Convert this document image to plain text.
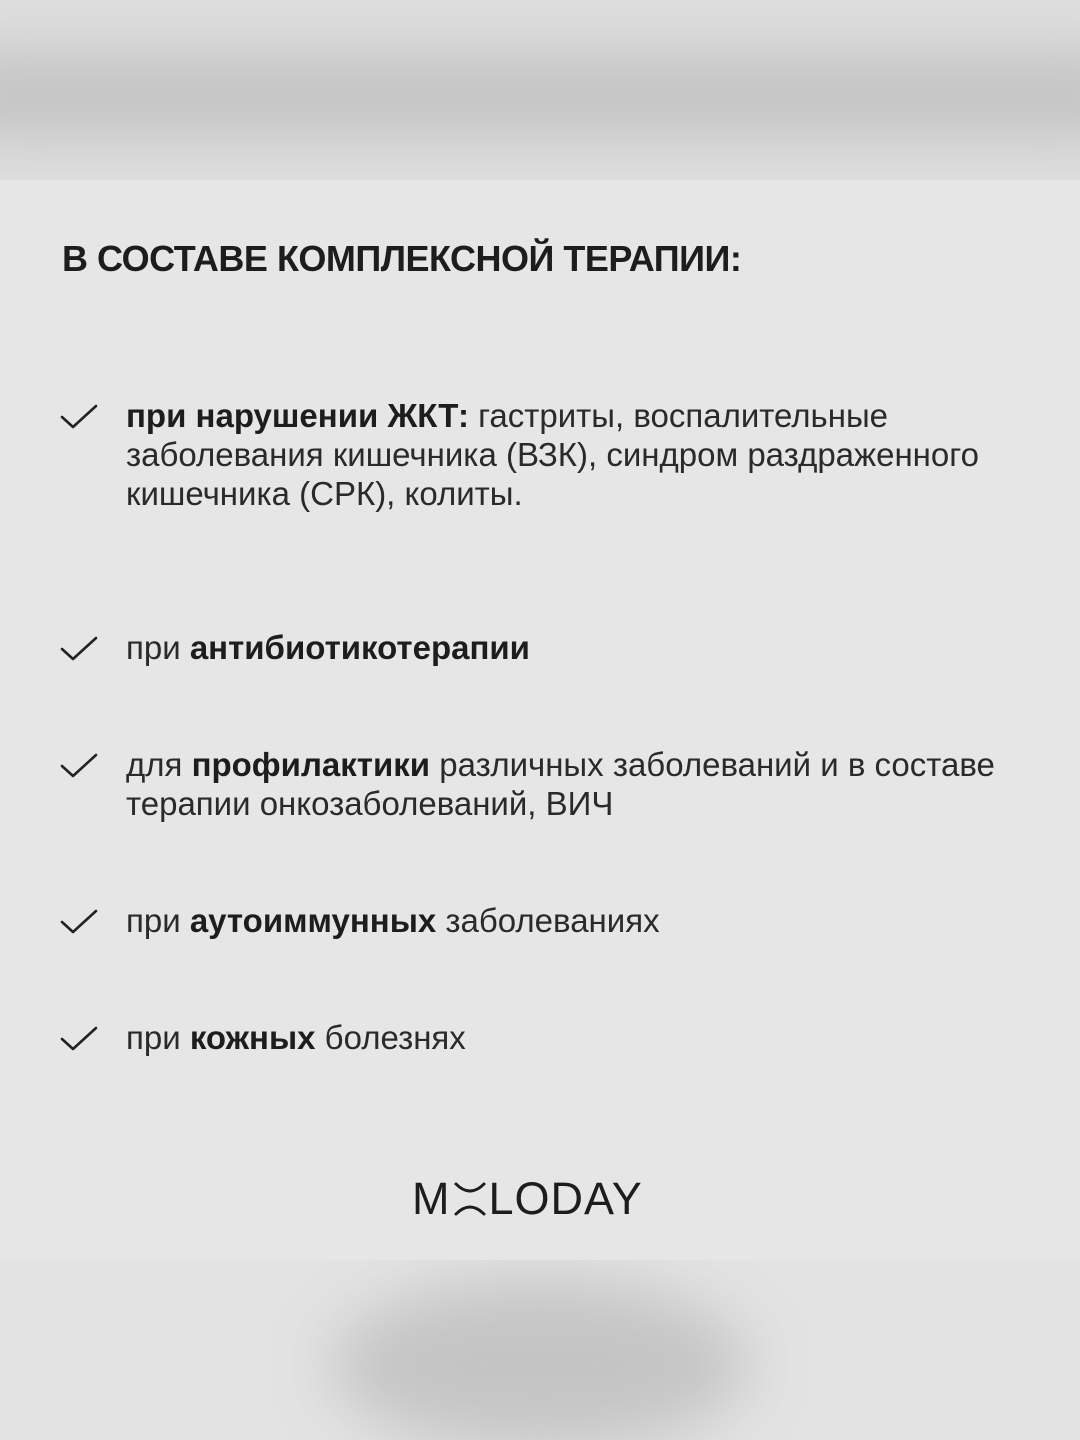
В СОСТАВЕ КОМПЛЕКСНОЙ ТЕРАПИИ:

при нарушении ЖКТ: гастриты, воспалительные заболевания кишечника (ВЗК), синдром раздраженного кишечника (СРК), колиты.

при антибиотикотерапии

для профилактики различных заболеваний и в составе терапии онкозаболеваний, ВИЧ

при аутоиммунных заболеваниях

при кожных болезнях

M LODAY
